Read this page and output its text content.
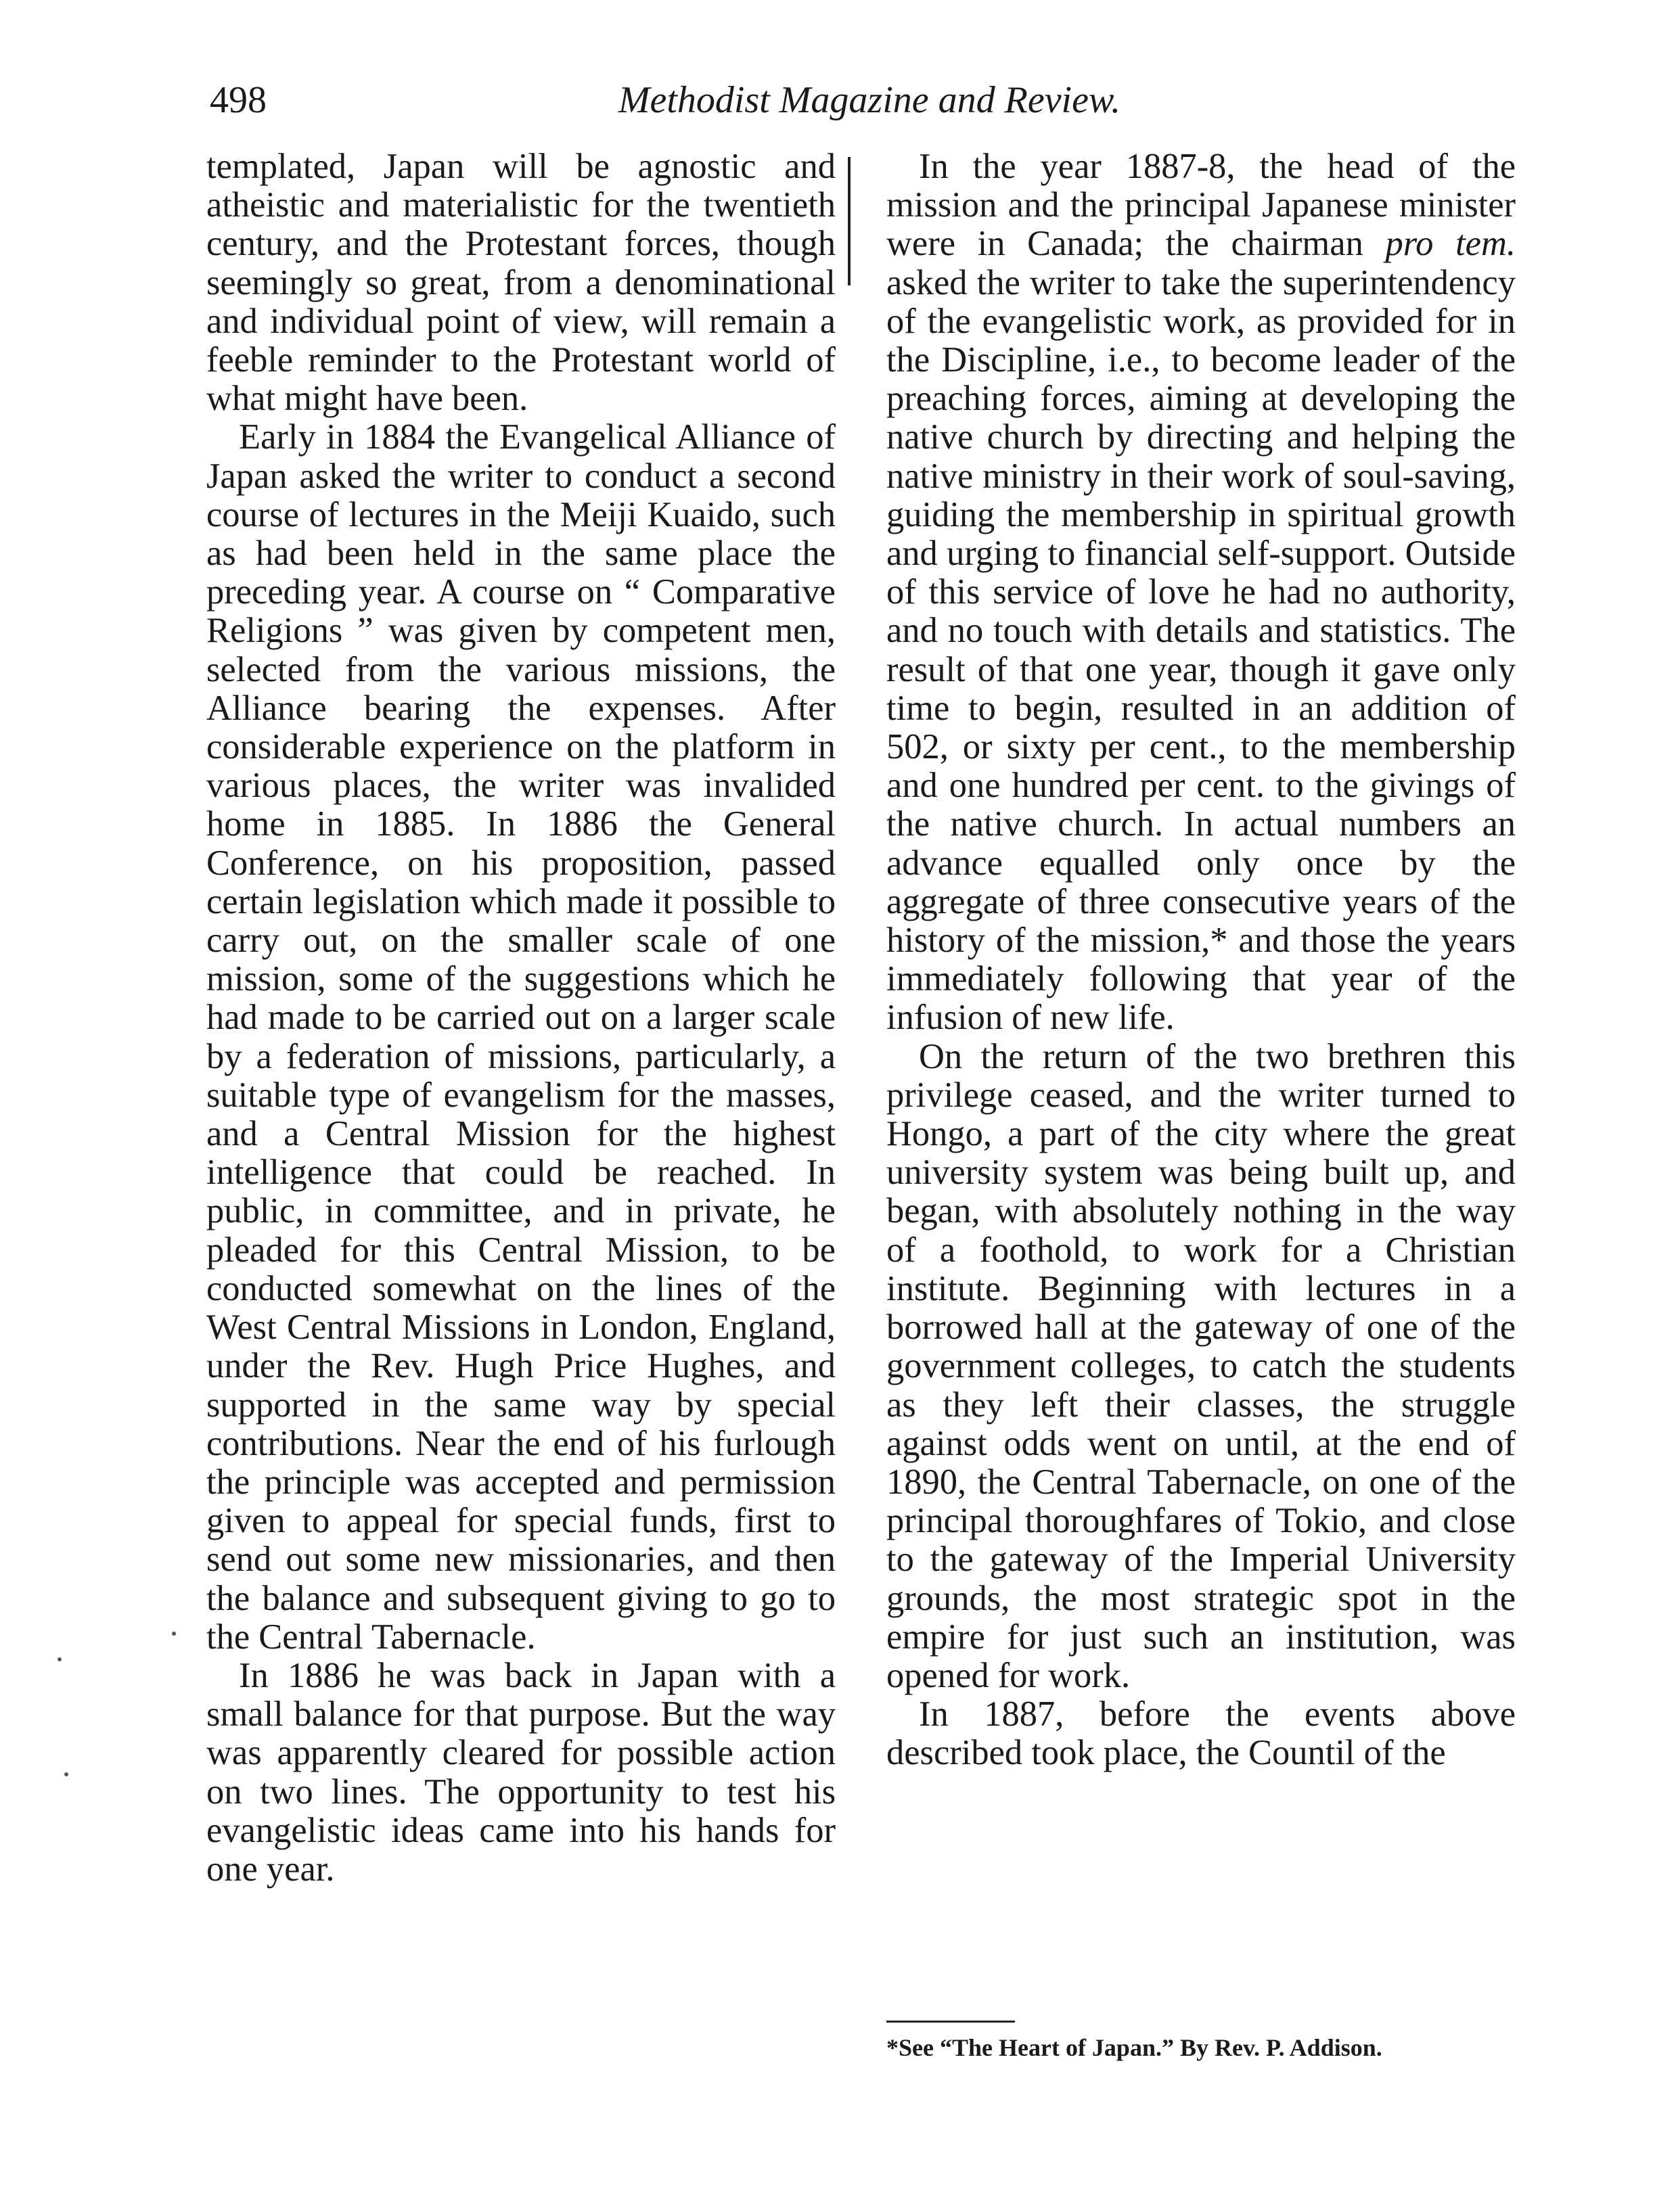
498	Methodist Magazine and Review.

templated, Japan will be agnostic and atheistic and materialistic for the twentieth century, and the Protestant forces, though seemingly so great, from a denominational and individual point of view, will remain a feeble reminder to the Protestant world of what might have been.

Early in 1884 the Evangelical Alliance of Japan asked the writer to conduct a second course of lectures in the Meiji Kuaido, such as had been held in the same place the preceding year. A course on “ Comparative Religions ” was given by competent men, selected from the various missions, the Alliance bearing the expenses. After considerable experience on the platform in various places, the writer was invalided home in 1885. In 1886 the General Conference, on his proposition, passed certain legislation which made it possible to carry out, on the smaller scale of one mission, some of the suggestions which he had made to be carried out on a larger scale by a federation of missions, particularly, a suitable type of evangelism for the masses, and a Central Mission for the highest intelligence that could be reached. In public, in committee, and in private, he pleaded for this Central Mission, to be conducted somewhat on the lines of the West Central Missions in London, England, under the Rev. Hugh Price Hughes, and supported in the same way by special contributions. Near the end of his furlough the principle was accepted and permission given to appeal for special funds, first to send out some new missionaries, and then the balance and subsequent giving to go to the Central Tabernacle.

In 1886 he was back in Japan with a small balance for that purpose. But the way was apparently cleared for possible action on two lines. The opportunity to test his evangelistic ideas came into his hands for one year.

In the year 1887-8, the head of the mission and the principal Japanese minister were in Canada; the chairman pro tem. asked the writer to take the superintendency of the evangelistic work, as provided for in the Discipline, i.e., to become leader of the preaching forces, aiming at developing the native church by directing and helping the native ministry in their work of soul-saving, guiding the membership in spiritual growth and urging to financial self-support. Outside of this service of love he had no authority, and no touch with details and statistics. The result of that one year, though it gave only time to begin, resulted in an addition of 502, or sixty per cent., to the membership and one hundred per cent. to the givings of the native church. In actual numbers an advance equalled only once by the aggregate of three consecutive years of the history of the mission,* and those the years immediately following that year of the infusion of new life.

On the return of the two brethren this privilege ceased, and the writer turned to Hongo, a part of the city where the great university system was being built up, and began, with absolutely nothing in the way of a foothold, to work for a Christian institute. Beginning with lectures in a borrowed hall at the gateway of one of the government colleges, to catch the students as they left their classes, the struggle against odds went on until, at the end of 1890, the Central Tabernacle, on one of the principal thoroughfares of Tokio, and close to the gateway of the Imperial University grounds, the most strategic spot in the empire for just such an institution, was opened for work.

In 1887, before the events above described took place, the Countil of the

*See “The Heart of Japan.” By Rev. P. Addison.
